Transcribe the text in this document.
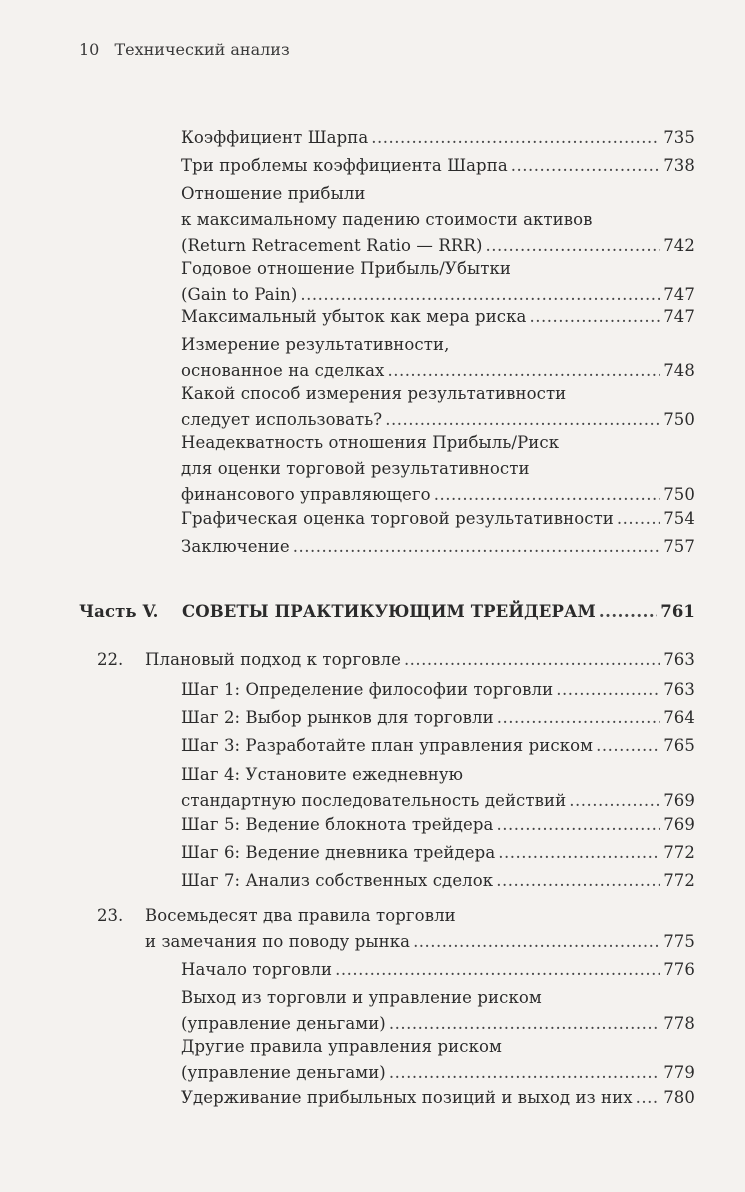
10 Технический анализ
Коэффициент Шарпа .....	735
Три проблемы коэффициента Шарпа .....	738
Отношение прибыли
к максимальному падению стоимости активов
(Return Retracement Ratio — RRR) .....	742
Годовое отношение Прибыль/Убытки
(Gain to Pain) .....	747
Максимальный убыток как мера риска .....	747
Измерение результативности,
основанное на сделках .....	748
Какой способ измерения результативности
следует использовать? .....	750
Неадекватность отношения Прибыль/Риск
для оценки торговой результативности
финансового управляющего .....	750
Графическая оценка торговой результативности .....	754
Заключение .....	757
Часть V. СОВЕТЫ ПРАКТИКУЮЩИМ ТРЕЙДЕРАМ .....	761
22. Плановый подход к торговле .....	763
Шаг 1: Определение философии торговли .....	763
Шаг 2: Выбор рынков для торговли .....	764
Шаг 3: Разработайте план управления риском .....	765
Шаг 4: Установите ежедневную
стандартную последовательность действий .....	769
Шаг 5: Ведение блокнота трейдера .....	769
Шаг 6: Ведение дневника трейдера .....	772
Шаг 7: Анализ собственных сделок .....	772
23. Восемьдесят два правила торговли
и замечания по поводу рынка .....	775
Начало торговли .....	776
Выход из торговли и управление риском
(управление деньгами) .....	778
Другие правила управления риском
(управление деньгами) .....	779
Удерживание прибыльных позиций и выход из них ..... 780
